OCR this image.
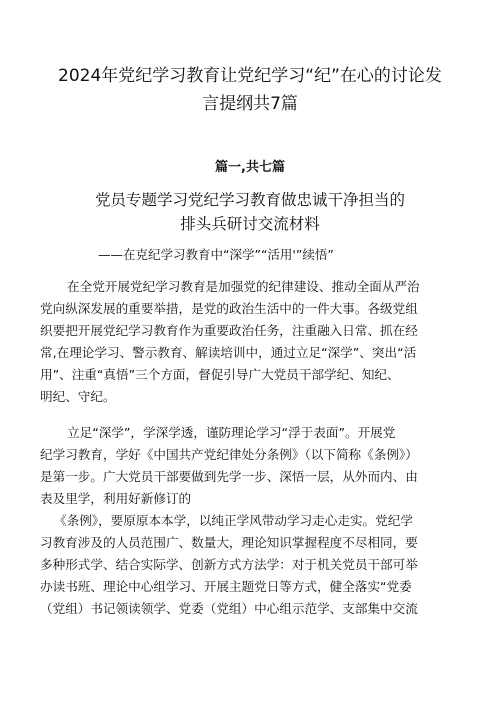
2024年党纪学习教育让党纪学习“纪”在心的讨论发
言提纲共7篇
篇一,共七篇
党员专题学习党纪学习教育做忠诚干净担当的
排头兵研讨交流材料
——在克纪学习教育中“深学”“活用'”续悟”

在全党开展党纪学习教育是加强党的纪律建设、推动全面从严治
党向纵深发展的重要举措，是党的政治生活中的一件大事。各级党组
织要把开展党纪学习教育作为重要政治任务，注重融入日常、抓在经
常,在理论学习、警示教育、解读培训中，通过立足“深学”、突出“活
用”、注重“真悟”三个方面，督促引导广大党员干部学纪、知纪、
明纪、守纪。

立足“深学”，学深学透，谨防理论学习“浮于表面”。开展党
纪学习教育，学好《中国共产党纪律处分条例》（以下简称《条例》）
是第一步。广大党员干部要做到先学一步、深悟一层，从外而内、由
表及里学，利用好新修订的

《条例》，要原原本本学，以纯正学风带动学习走心走实。党纪学
习教育涉及的人员范围广、数量大，理论知识掌握程度不尽相同，要
多种形式学、结合实际学、创新方式方法学：对于机关党员干部可举
办读书班、理论中心组学习、开展主题党日等方式，健全落实“党委
（党组）书记领读领学、党委（党组）中心组示范学、支部集中交流
